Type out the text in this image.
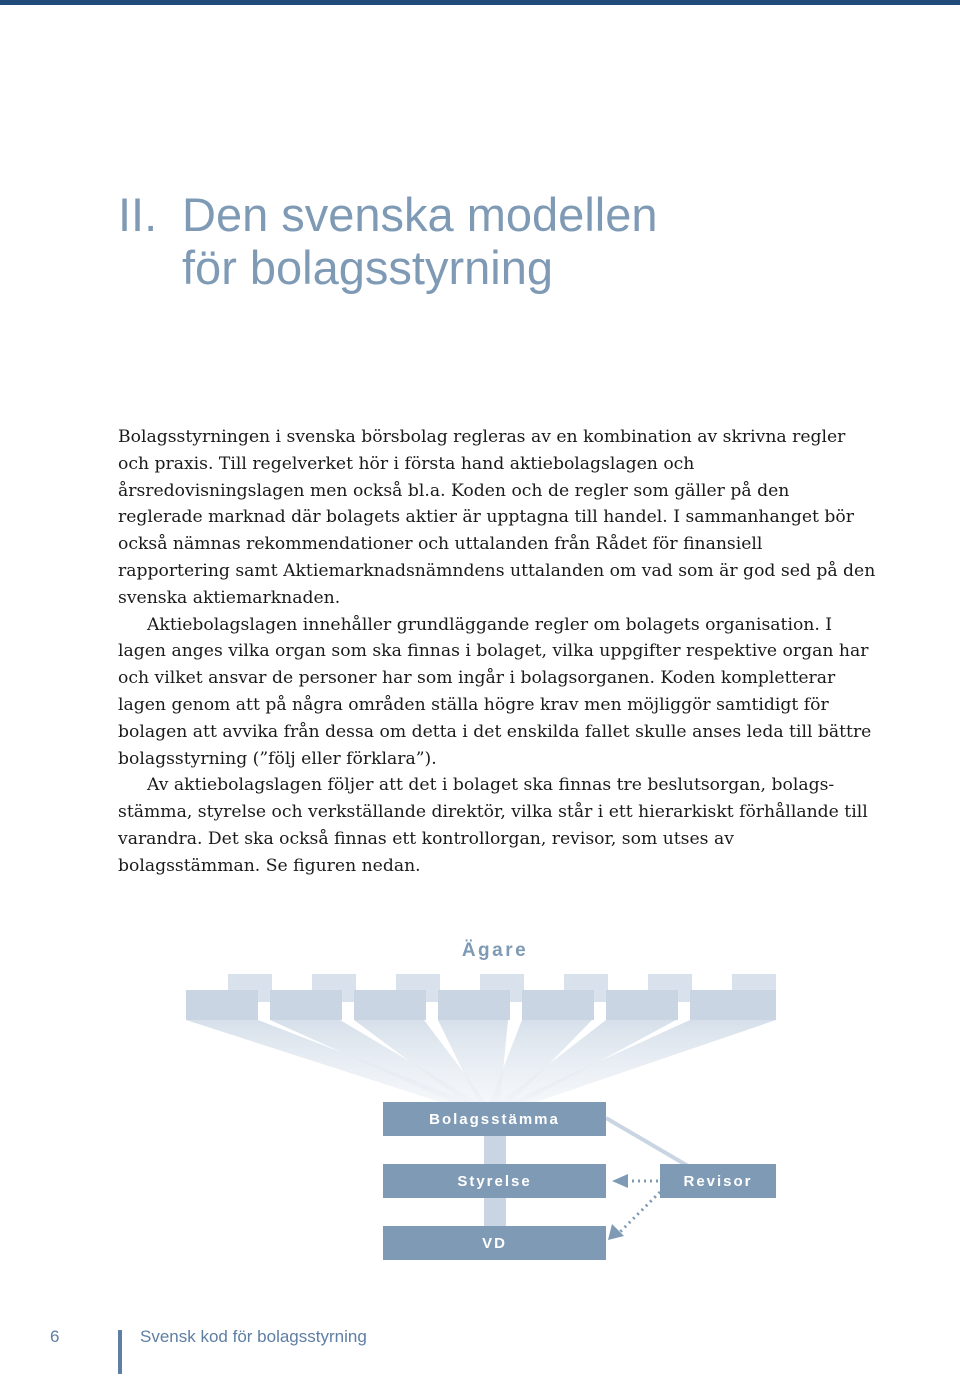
II. Den svenska modellen
för bolagsstyrning

Bolagsstyrningen i svenska börsbolag regleras av en kombination av skrivna regler och praxis. Till regelverket hör i första hand aktiebolagslagen och årsredovisningslagen men också bl.a. Koden och de regler som gäller på den reglerade marknad där bolagets aktier är upptagna till handel. I sammanhanget bör också nämnas rekommendationer och uttalanden från Rådet för finansiell rapportering samt Aktiemarknadsnämndens uttalanden om vad som är god sed på den svenska aktiemarknaden.

Aktiebolagslagen innehåller grundläggande regler om bolagets organisation. I lagen anges vilka organ som ska finnas i bolaget, vilka uppgifter respektive organ har och vilket ansvar de personer har som ingår i bolagsorganen. Koden kompletterar lagen genom att på några områden ställa högre krav men möjliggör samtidigt för bolagen att avvika från dessa om detta i det enskilda fallet skulle anses leda till bättre bolagsstyrning (”följ eller förklara”).

Av aktiebolagslagen följer att det i bolaget ska finnas tre beslutsorgan, bolagsstämma, styrelse och verkställande direktör, vilka står i ett hierarkiskt förhållande till varandra. Det ska också finnas ett kontrollorgan, revisor, som utses av bolagsstämman. Se figuren nedan.

Ägare
Bolagsstämma
Styrelse
VD
Revisor
6	Svensk kod för bolagsstyrning
